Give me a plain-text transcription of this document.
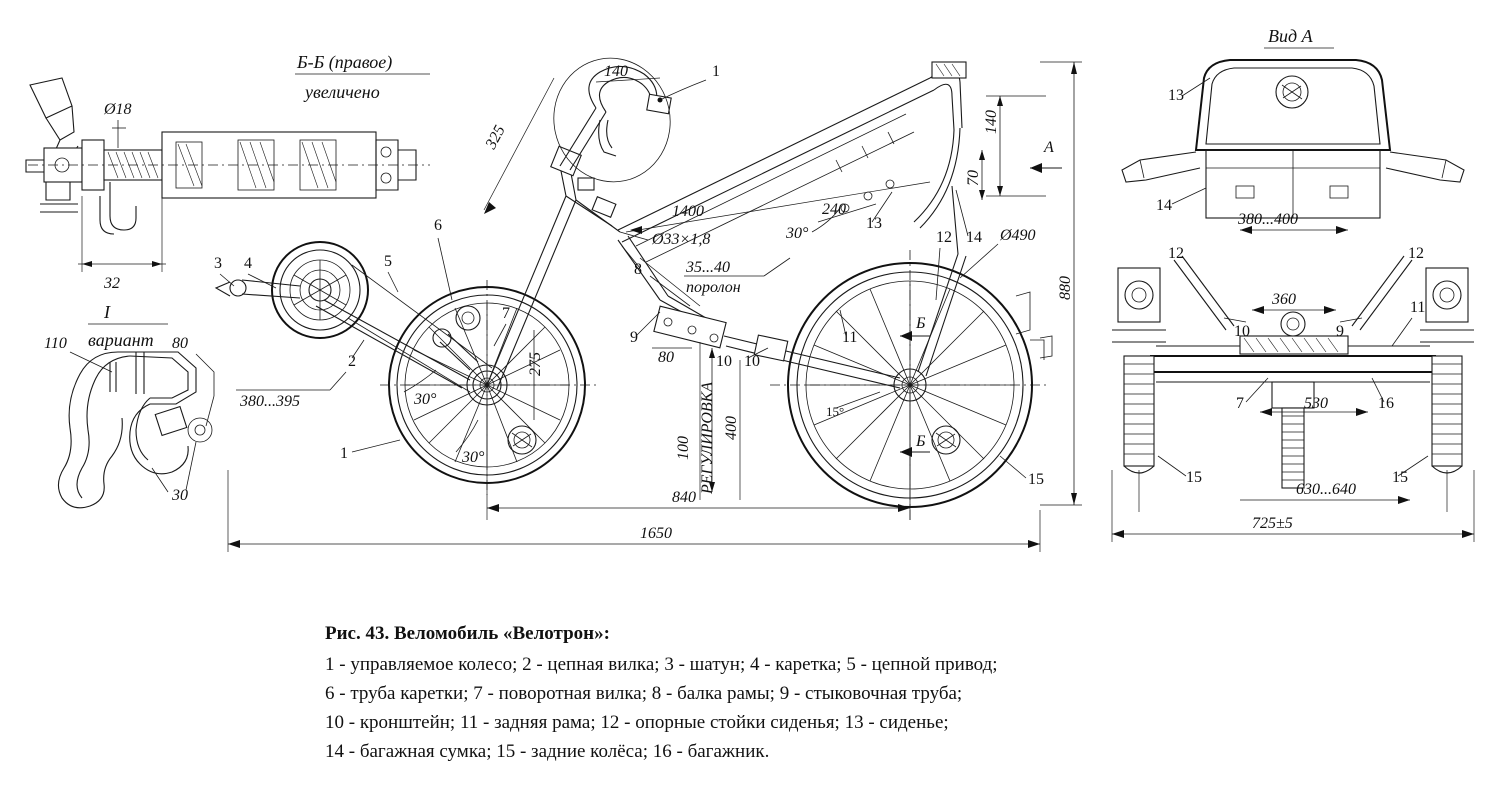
Б-Б (правое)
увеличено
Ø18
32
I
вариант
110	80
30
325
140	1
1400
Ø33×1,8
35...40
поролон
30°
240
13
12 14
140
70
А
Ø490
880
Б
Б
11
15
15°
100 РЕГУЛИРОВКА 400
80
9
10
10
8
6
5
3 4
2
1
7
380...395	30°
30°
275
840
1650
Вид А
13
14
12	12
11
10	9
7	16
15	15
380...400
360
530
630...640
725±5

Рис. 43. Веломобиль «Велотрон»:

1 - управляемое колесо; 2 - цепная вилка; 3 - шатун; 4 - каретка; 5 - цепной привод;

6 - труба каретки; 7 - поворотная вилка; 8 - балка рамы; 9 - стыковочная труба;

10 - кронштейн; 11 - задняя рама; 12 - опорные стойки сиденья; 13 - сиденье;

14 - багажная сумка; 15 - задние колёса; 16 - багажник.
